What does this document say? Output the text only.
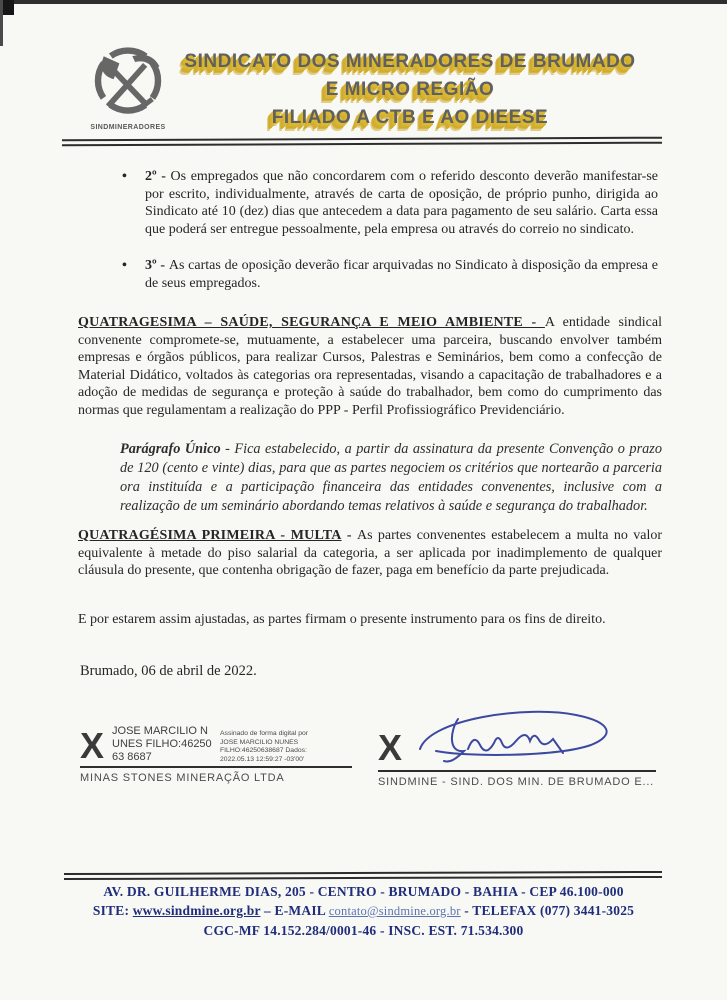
SINDMINERADORES
SINDICATO DOS MINERADORES DE BRUMADO
E MICRO REGIÃO
FILIADO A CTB E AO DIEESE
• 2º - Os empregados que não concordarem com o referido desconto deverão manifestar-se por escrito, individualmente, através de carta de oposição, de próprio punho, dirigida ao Sindicato até 10 (dez) dias que antecedem a data para pagamento de seu salário. Carta essa que poderá ser entregue pessoalmente, pela empresa ou através do correio no sindicato.
• 3º - As cartas de oposição deverão ficar arquivadas no Sindicato à disposição da empresa e de seus empregados.

QUATRAGESIMA – SAÚDE, SEGURANÇA E MEIO AMBIENTE - A entidade sindical convenente compromete-se, mutuamente, a estabelecer uma parceira, buscando envolver também empresas e órgãos públicos, para realizar Cursos, Palestras e Seminários, bem como a confecção de Material Didático, voltados às categorias ora representadas, visando a capacitação de trabalhadores e a adoção de medidas de segurança e proteção à saúde do trabalhador, bem como do cumprimento das normas que regulamentam a realização do PPP - Perfil Profissiográfico Previdenciário.

Parágrafo Único - Fica estabelecido, a partir da assinatura da presente Convenção o prazo de 120 (cento e vinte) dias, para que as partes negociem os critérios que nortearão a parceria ora instituída e a participação financeira das entidades convenentes, inclusive com a realização de um seminário abordando temas relativos à saúde e segurança do trabalhador.

QUATRAGÉSIMA PRIMEIRA - MULTA - As partes convenentes estabelecem a multa no valor equivalente à metade do piso salarial da categoria, a ser aplicada por inadimplemento de qualquer cláusula do presente, que contenha obrigação de fazer, paga em benefício da parte prejudicada.

E por estarem assim ajustadas, as partes firmam o presente instrumento para os fins de direito.

Brumado, 06 de abril de 2022.
X JOSE MARCILIO NUNES FILHO:4625063 8687
Assinado de forma digital por JOSE MARCILIO NUNES FILHO:46250638687 Dados: 2022.05.13 12:59:27 -03'00'
MINAS STONES MINERAÇÃO LTDA
X
SINDMINE - SIND. DOS MIN. DE BRUMADO E...
AV. DR. GUILHERME DIAS, 205 - CENTRO - BRUMADO - BAHIA - CEP 46.100-000
SITE: www.sindmine.org.br – E-MAIL contato@sindmine.org.br - TELEFAX (077) 3441-3025
CGC-MF 14.152.284/0001-46 - INSC. EST. 71.534.300
